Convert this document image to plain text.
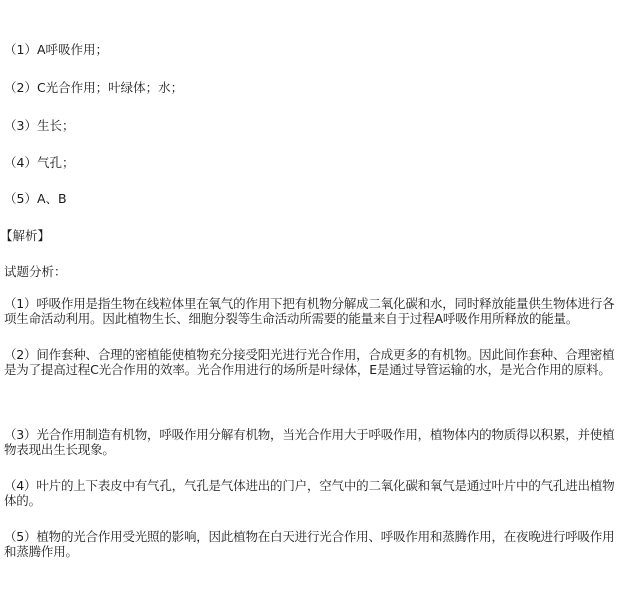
（1）A呼吸作用；
（2）C光合作用；叶绿体；水；
（3）生长；
（4）气孔；
（5）A、B
【解析】
试题分析：
（1）呼吸作用是指生物在线粒体里在氧气的作用下把有机物分解成二氧化碳和水，同时释放能量供生物体进行各项生命活动利用。因此植物生长、细胞分裂等生命活动所需要的能量来自于过程A呼吸作用所释放的能量。
（2）间作套种、合理的密植能使植物充分接受阳光进行光合作用，合成更多的有机物。因此间作套种、合理密植是为了提高过程C光合作用的效率。光合作用进行的场所是叶绿体，E是通过导管运输的水，是光合作用的原料。
（3）光合作用制造有机物，呼吸作用分解有机物，当光合作用大于呼吸作用，植物体内的物质得以积累，并使植物表现出生长现象。
（4）叶片的上下表皮中有气孔，气孔是气体进出的门户，空气中的二氧化碳和氧气是通过叶片中的气孔进出植物体的。
（5）植物的光合作用受光照的影响，因此植物在白天进行光合作用、呼吸作用和蒸腾作用，在夜晚进行呼吸作用和蒸腾作用。
